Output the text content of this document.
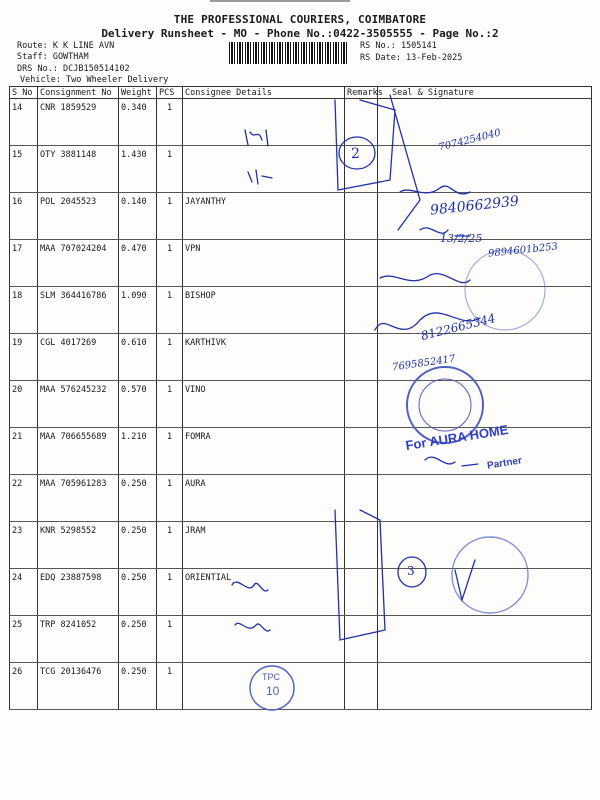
THE PROFESSIONAL COURIERS, COIMBATORE
Delivery Runsheet - MO - Phone No.:0422-3505555 - Page No.:2
Route: K K LINE AVN
Staff: GOWTHAM
DRS No.: DCJB150514102
Vehicle: Two Wheeler Delivery
RS No.: 1505141
RS Date: 13-Feb-2025
S No	Consignment No	Weight	PCS	Consignee Details	Remarks	Seal & Signature
14	CNR 1859529	0.340	1			
15	OTY 3881148	1.430	1			
16	POL 2045523	0.140	1	JAYANTHY		
17	MAA 707024204	0.470	1	VPN		
18	SLM 364416786	1.090	1	BISHOP		
19	CGL 4017269	0.610	1	KARTHIVK		
20	MAA 576245232	0.570	1	VINO		
21	MAA 706655689	1.210	1	FOMRA		
22	MAA 705961283	0.250	1	AURA		
23	KNR 5298552	0.250	1	JRAM		
24	EDQ 23887598	0.250	1	ORIENTIAL		
25	TRP 8241052	0.250	1			
26	TCG 20136476	0.250	1			
7074254040
9840662939
13/2/25
9894601b253
8122665344
7695852417
2
3
For AURA HOME
Partner
TPC
10
